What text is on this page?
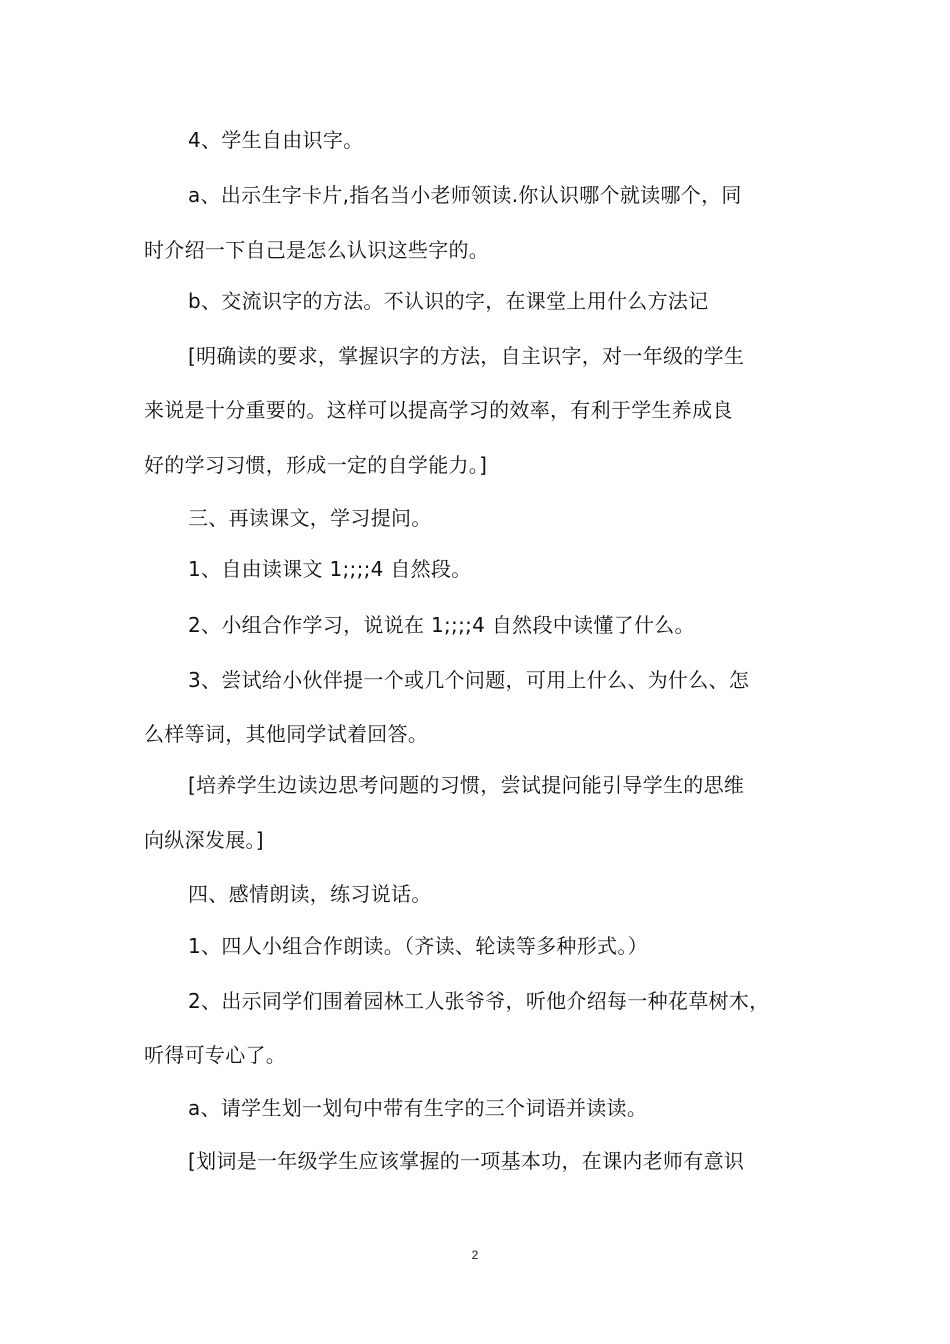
4、学生自由识字。
a、出示生字卡片,指名当小老师领读.你认识哪个就读哪个，同
时介绍一下自己是怎么认识这些字的。
b、交流识字的方法。不认识的字，在课堂上用什么方法记
[明确读的要求，掌握识字的方法，自主识字，对一年级的学生
来说是十分重要的。这样可以提高学习的效率，有利于学生养成良
好的学习习惯，形成一定的自学能力。]
三、再读课文，学习提问。
1、自由读课文 1;;;;4 自然段。
2、小组合作学习，说说在 1;;;;4 自然段中读懂了什么。
3、尝试给小伙伴提一个或几个问题，可用上什么、为什么、怎
么样等词，其他同学试着回答。
[培养学生边读边思考问题的习惯，尝试提问能引导学生的思维
向纵深发展。]
四、感情朗读，练习说话。
1、四人小组合作朗读。（齐读、轮读等多种形式。）
2、出示同学们围着园林工人张爷爷，听他介绍每一种花草树木，
听得可专心了。
a、请学生划一划句中带有生字的三个词语并读读。
[划词是一年级学生应该掌握的一项基本功，在课内老师有意识
2
